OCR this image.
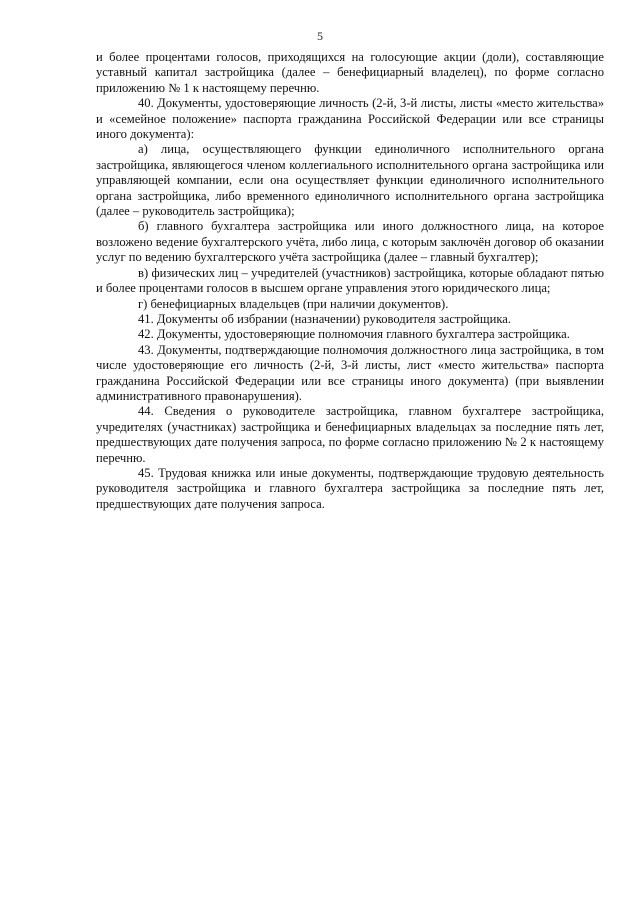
5

и более процентами голосов, приходящихся на голосующие акции (доли), составляющие уставный капитал застройщика (далее – бенефициарный владелец), по форме согласно приложению № 1 к настоящему перечню.

40. Документы, удостоверяющие личность (2-й, 3-й листы, листы «место жительства» и «семейное положение» паспорта гражданина Российской Федерации или все страницы иного документа):

а) лица, осуществляющего функции единоличного исполнительного органа застройщика, являющегося членом коллегиального исполнительного органа застройщика или управляющей компании, если она осуществляет функции единоличного исполнительного органа застройщика, либо временного единоличного исполнительного органа застройщика (далее – руководитель застройщика);

б) главного бухгалтера застройщика или иного должностного лица, на которое возложено ведение бухгалтерского учёта, либо лица, с которым заключён договор об оказании услуг по ведению бухгалтерского учёта застройщика (далее – главный бухгалтер);

в) физических лиц – учредителей (участников) застройщика, которые обладают пятью и более процентами голосов в высшем органе управления этого юридического лица;

г) бенефициарных владельцев (при наличии документов).

41. Документы об избрании (назначении) руководителя застройщика.

42. Документы, удостоверяющие полномочия главного бухгалтера застройщика.

43. Документы, подтверждающие полномочия должностного лица застройщика, в том числе удостоверяющие его личность (2-й, 3-й листы, лист «место жительства» паспорта гражданина Российской Федерации или все страницы иного документа) (при выявлении административного правонарушения).

44. Сведения о руководителе застройщика, главном бухгалтере застройщика, учредителях (участниках) застройщика и бенефициарных владельцах за последние пять лет, предшествующих дате получения запроса, по форме согласно приложению № 2 к настоящему перечню.

45. Трудовая книжка или иные документы, подтверждающие трудовую деятельность руководителя застройщика и главного бухгалтера застройщика за последние пять лет, предшествующих дате получения запроса.
